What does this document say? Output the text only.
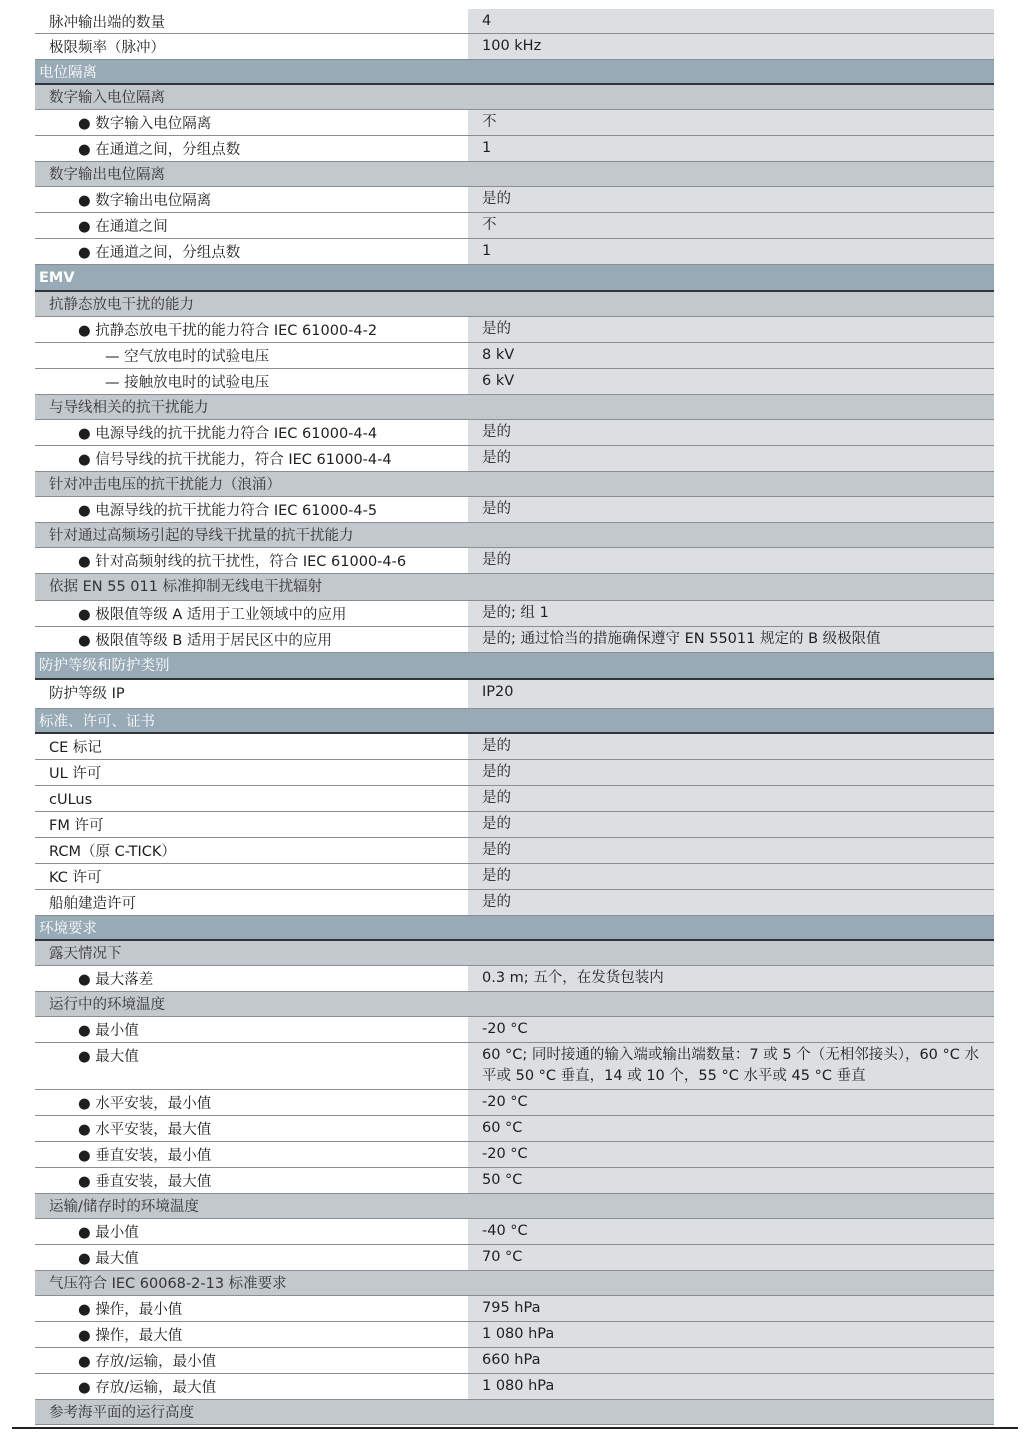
脉冲输出端的数量	4
极限频率（脉冲）	100 kHz
电位隔离
数字输入电位隔离
● 数字输入电位隔离	不
● 在通道之间，分组点数	1
数字输出电位隔离
● 数字输出电位隔离	是的
● 在通道之间	不
● 在通道之间，分组点数	1
EMV
抗静态放电干扰的能力
● 抗静态放电干扰的能力符合 IEC 61000-4-2	是的
— 空气放电时的试验电压	8 kV
— 接触放电时的试验电压	6 kV
与导线相关的抗干扰能力
● 电源导线的抗干扰能力符合 IEC 61000-4-4	是的
● 信号导线的抗干扰能力，符合 IEC 61000-4-4	是的
针对冲击电压的抗干扰能力（浪涌）
● 电源导线的抗干扰能力符合 IEC 61000-4-5	是的
针对通过高频场引起的导线干扰量的抗干扰能力
● 针对高频射线的抗干扰性，符合 IEC 61000-4-6	是的
依据 EN 55 011 标准抑制无线电干扰辐射
● 极限值等级 A 适用于工业领域中的应用	是的; 组 1
● 极限值等级 B 适用于居民区中的应用	是的; 通过恰当的措施确保遵守 EN 55011 规定的 B 级极限值
防护等级和防护类别
防护等级 IP	IP20
标准、许可、证书
CE 标记	是的
UL 许可	是的
cULus	是的
FM 许可	是的
RCM（原 C-TICK）	是的
KC 许可	是的
船舶建造许可	是的
环境要求
露天情况下
● 最大落差	0.3 m; 五个，在发货包装内
运行中的环境温度
● 最小值	-20 °C
● 最大值	60 °C; 同时接通的输入端或输出端数量：7 或 5 个（无相邻接头），60 °C 水平或 50 °C 垂直，14 或 10 个，55 °C 水平或 45 °C 垂直
● 水平安装，最小值	-20 °C
● 水平安装，最大值	60 °C
● 垂直安装，最小值	-20 °C
● 垂直安装，最大值	50 °C
运输/储存时的环境温度
● 最小值	-40 °C
● 最大值	70 °C
气压符合 IEC 60068-2-13 标准要求
● 操作，最小值	795 hPa
● 操作，最大值	1 080 hPa
● 存放/运输，最小值	660 hPa
● 存放/运输，最大值	1 080 hPa
参考海平面的运行高度
